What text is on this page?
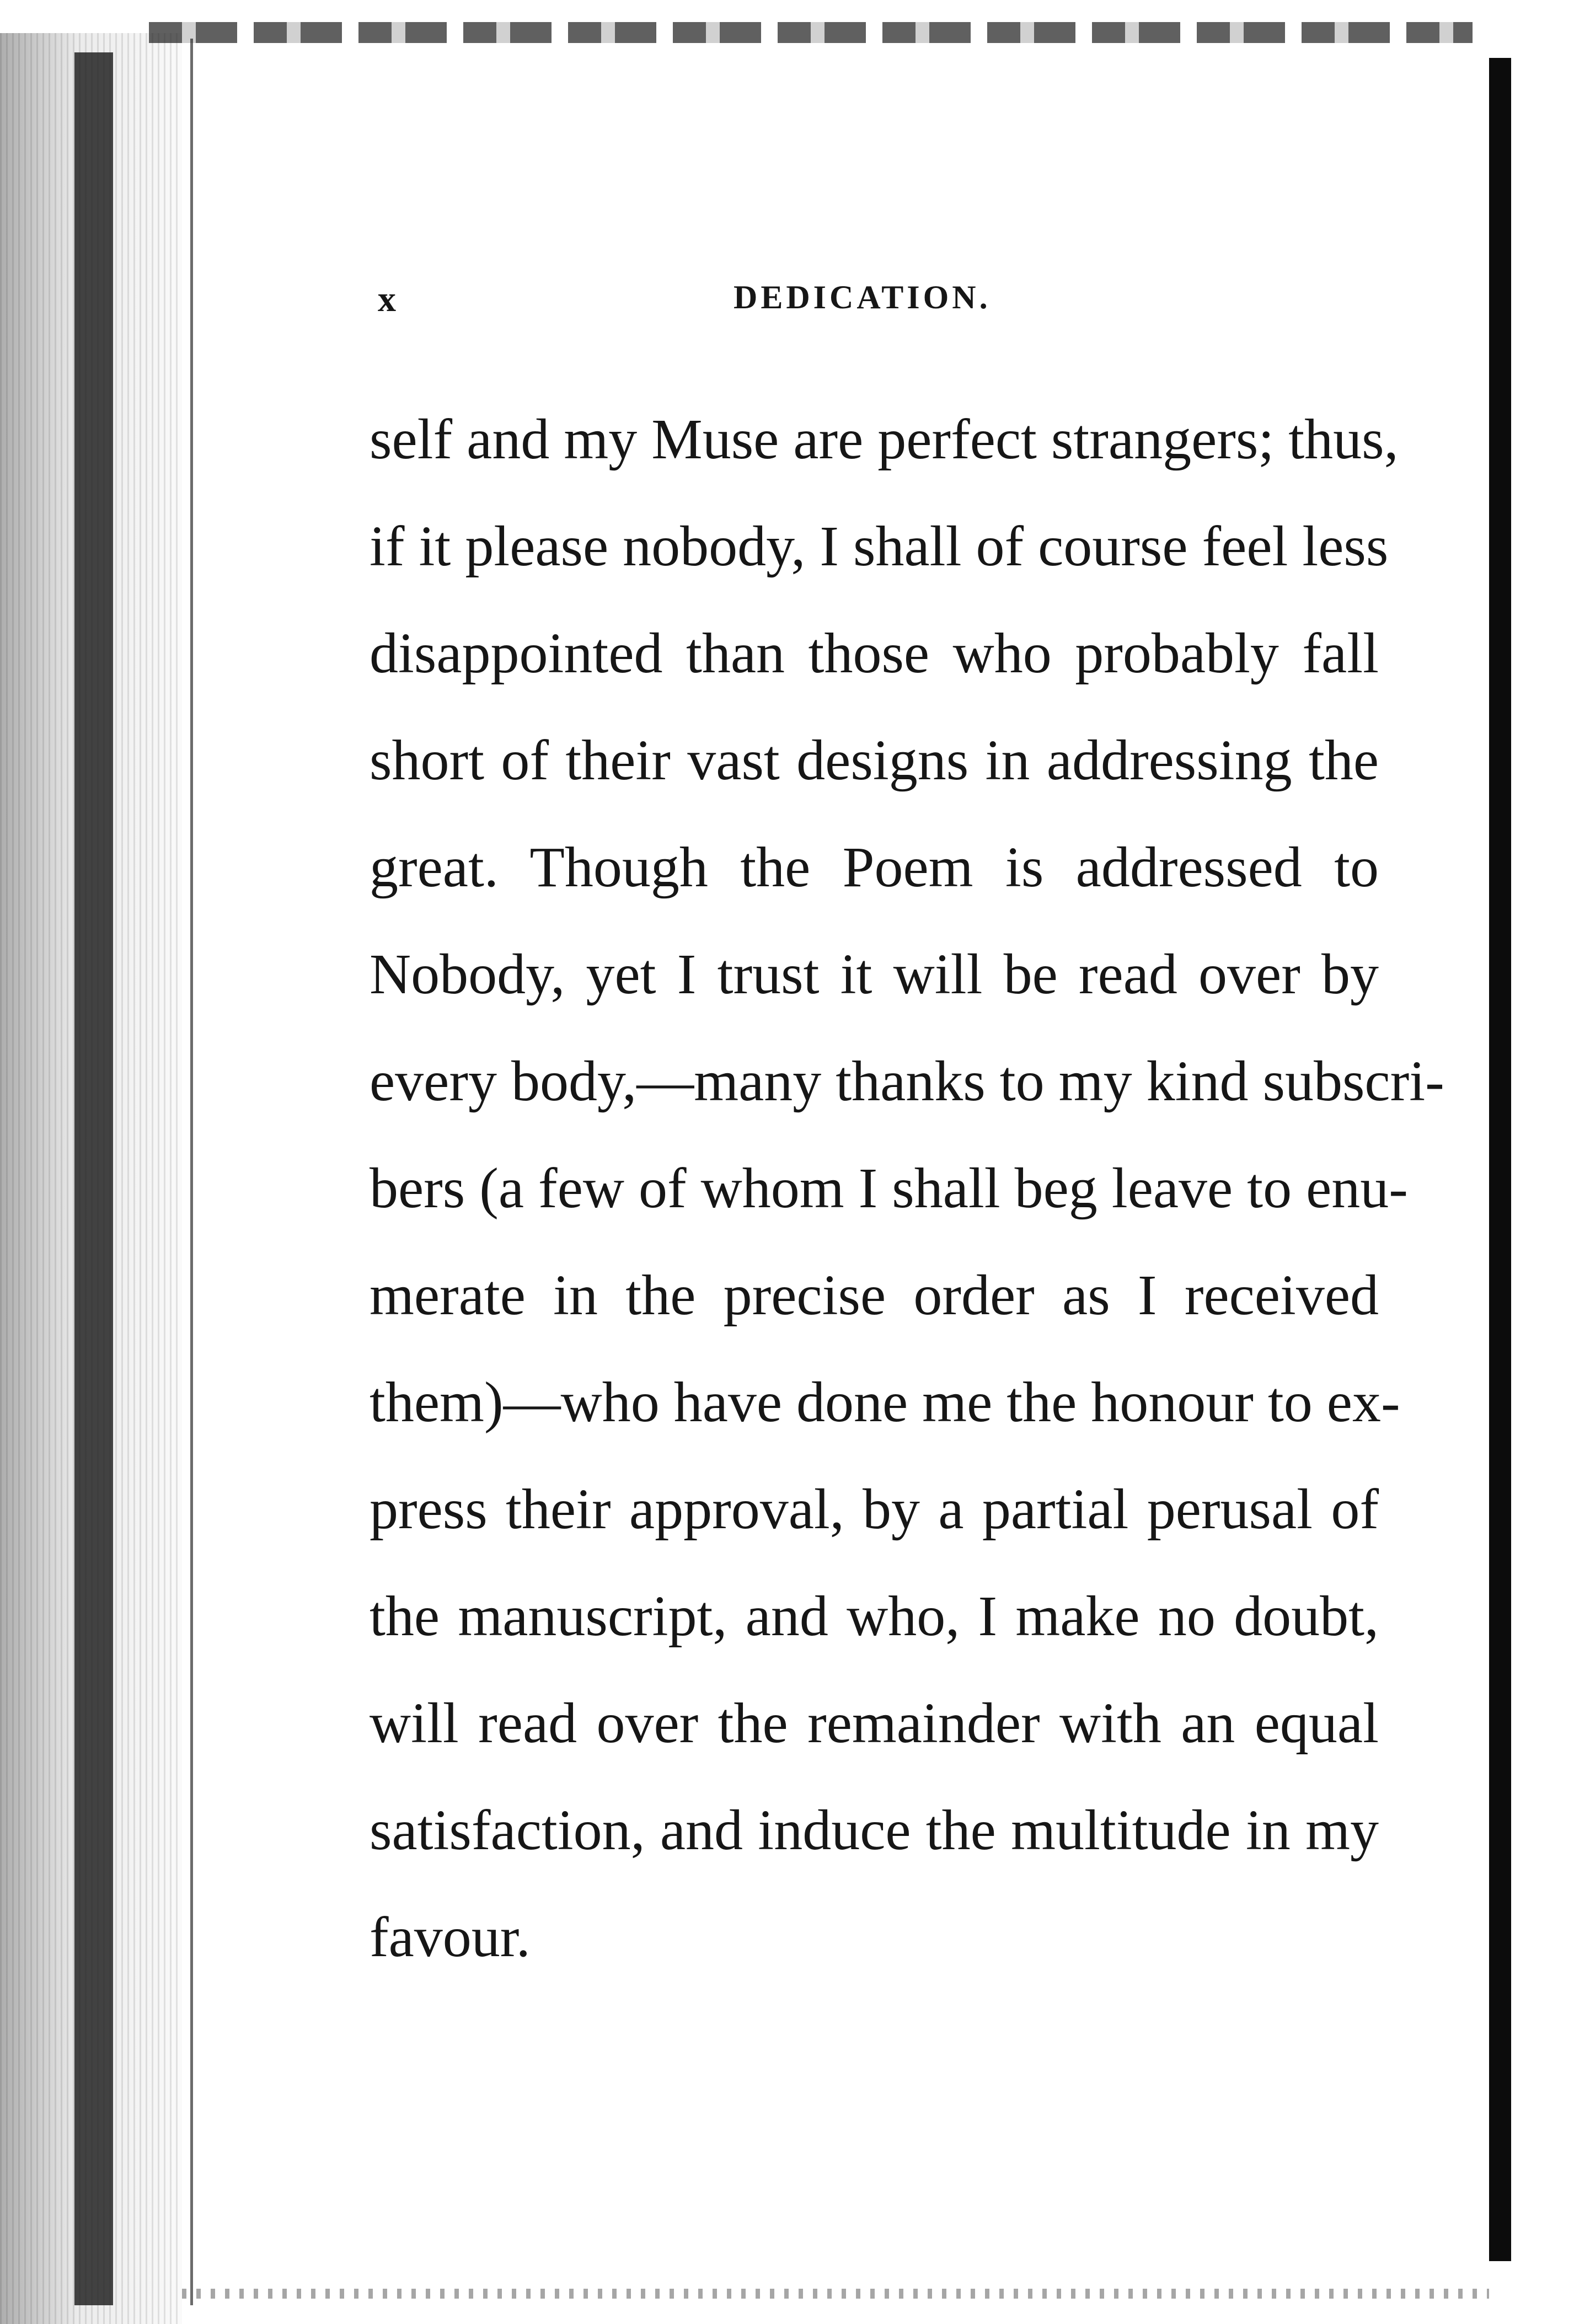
x	DEDICATION.
self and my Muse are perfect strangers; thus,
if it please nobody, I shall of course feel less
disappointed than those who probably fall
short of their vast designs in addressing the
great. Though the Poem is addressed to
Nobody, yet I trust it will be read over by
every body,—many thanks to my kind subscri-
bers (a few of whom I shall beg leave to enu-
merate in the precise order as I received
them)—who have done me the honour to ex-
press their approval, by a partial perusal of
the manuscript, and who, I make no doubt,
will read over the remainder with an equal
satisfaction, and induce the multitude in my
favour.
